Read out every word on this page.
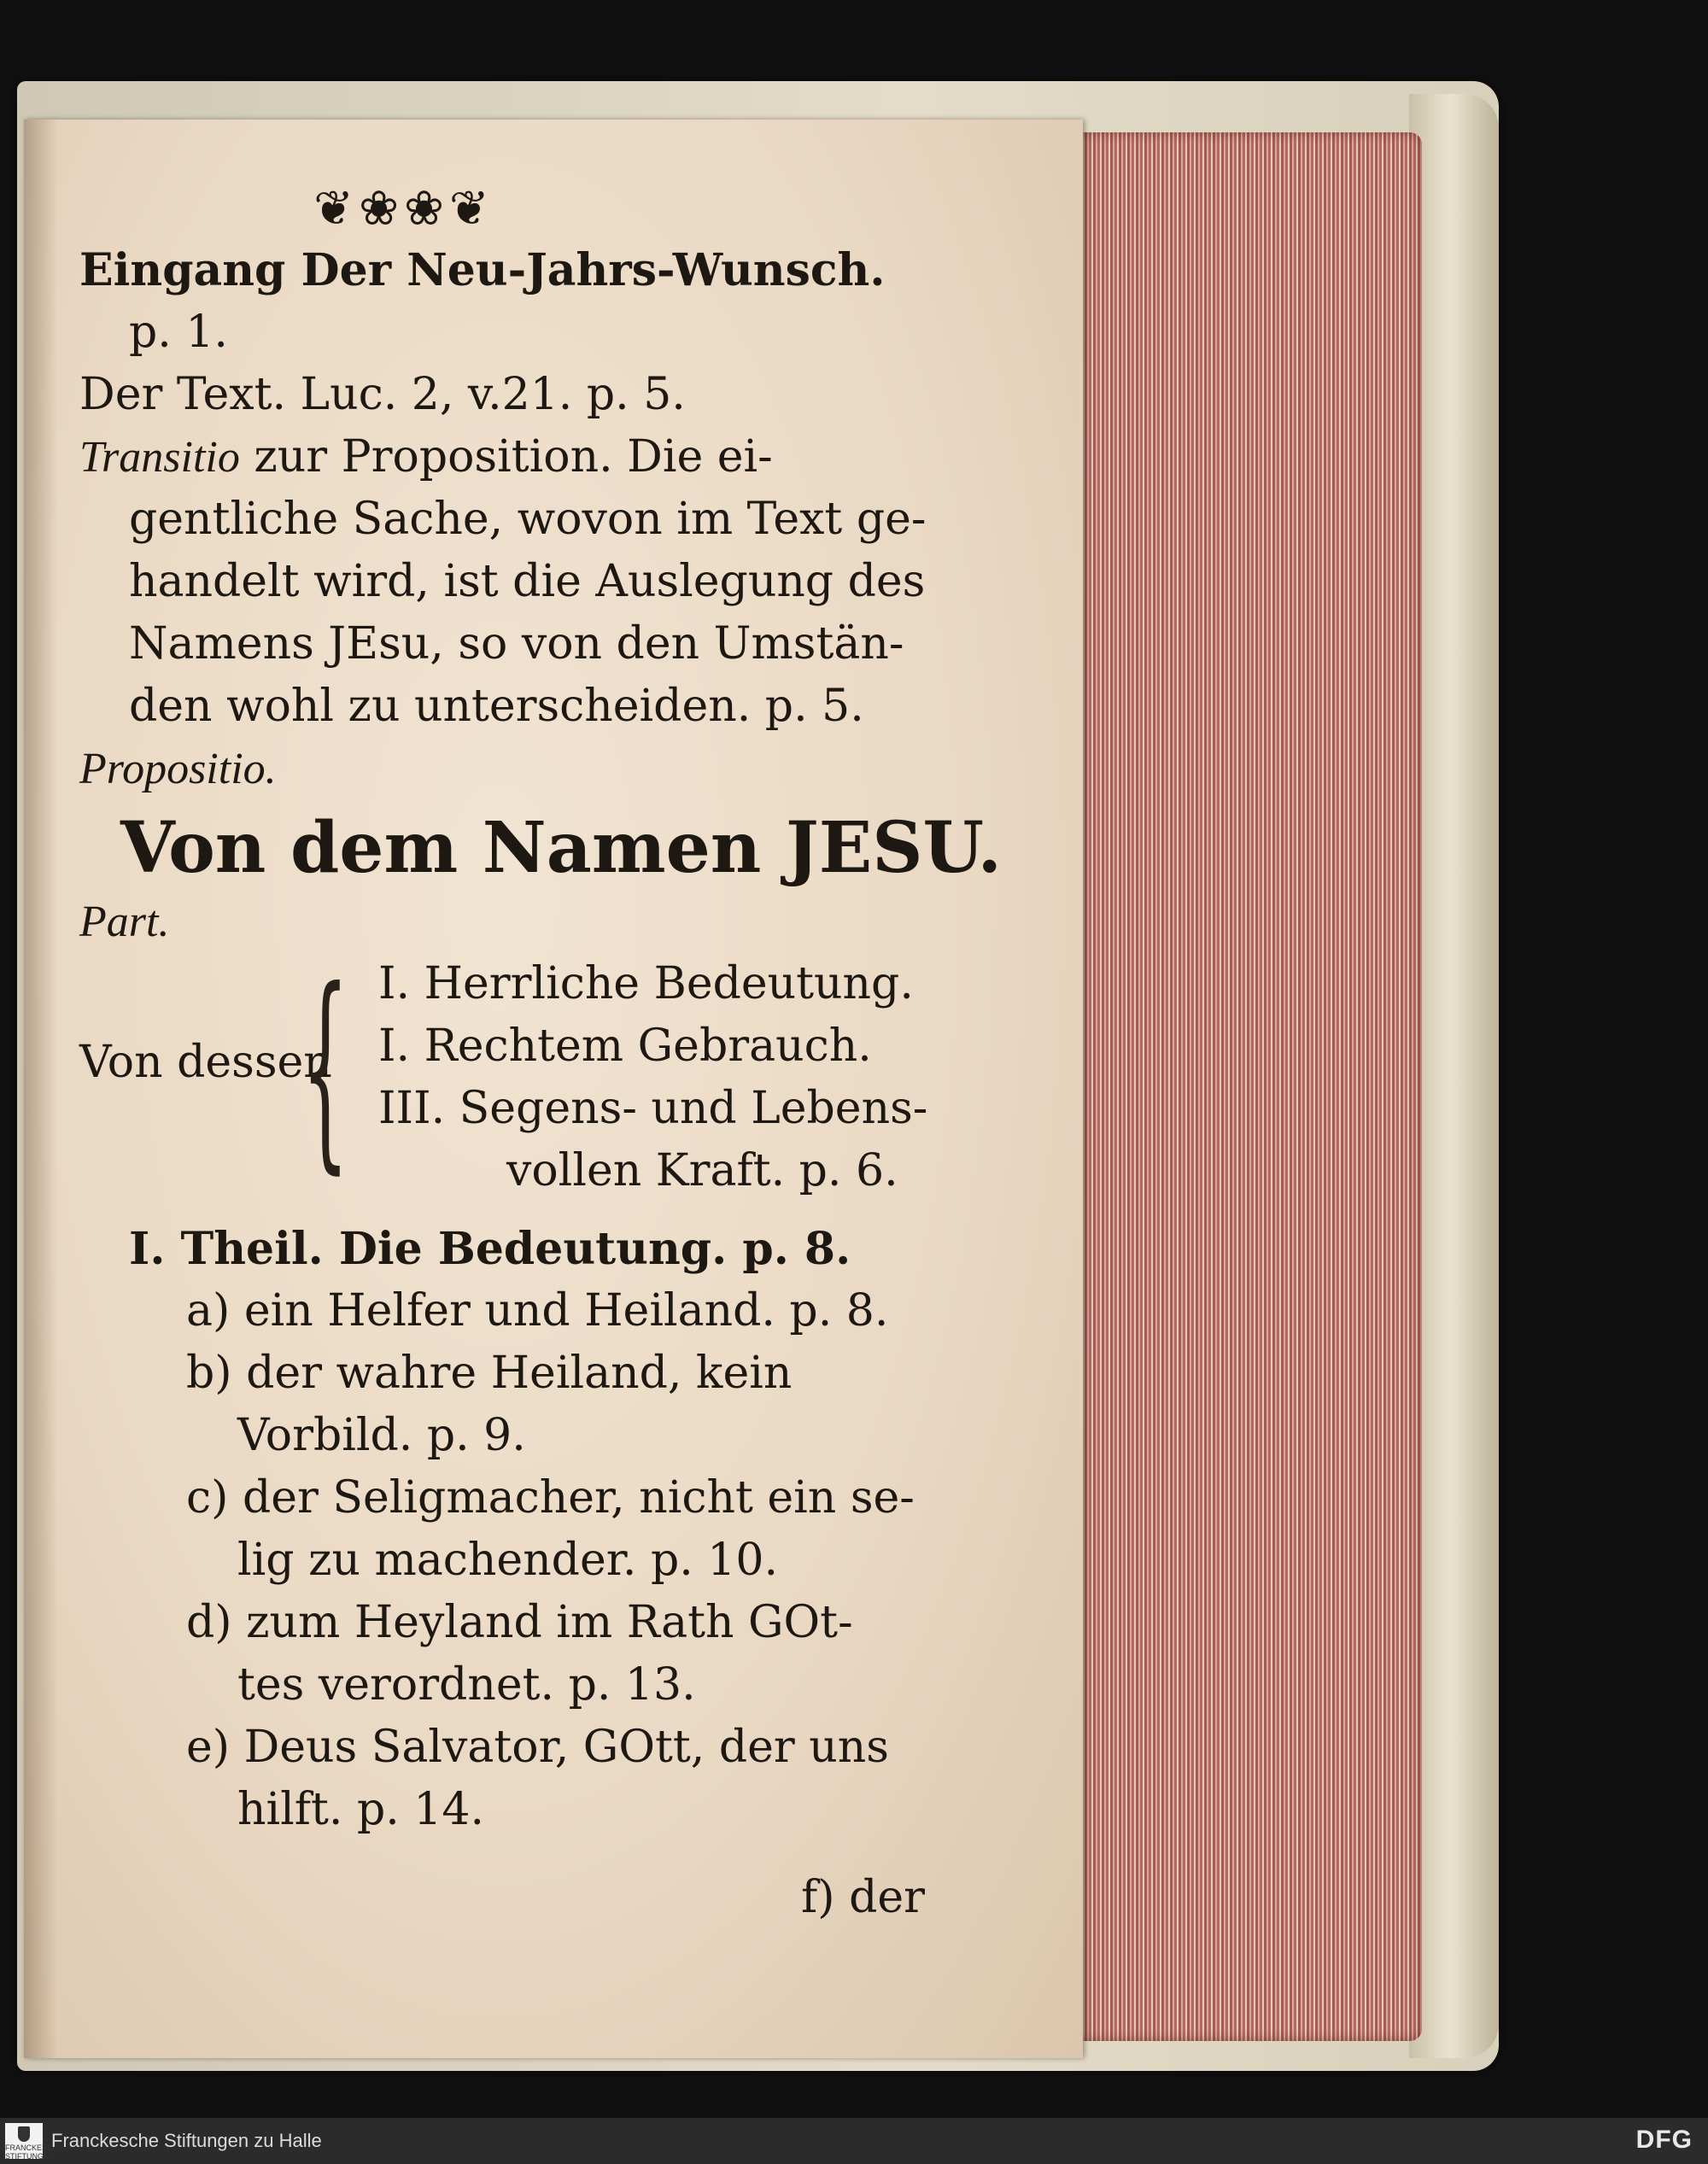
❦❀❀❦
Eingang Der Neu-Jahrs-Wunsch.
p. 1.
Der Text. Luc. 2, v.21. p. 5.
Transitio zur Proposition. Die ei-
gentliche Sache, wovon im Text ge-
handelt wird, ist die Auslegung des
Namens JEsu, so von den Umstän-
den wohl zu unterscheiden. p. 5.
Propositio.
Von dem Namen JESU.
Part.
Von dessen
{ I. Herrliche Bedeutung.
I. Rechtem Gebrauch.
III. Segens- und Lebens-
vollen Kraft. p. 6.
I. Theil. Die Bedeutung. p. 8.
a) ein Helfer und Heiland. p. 8.
b) der wahre Heiland, kein
Vorbild. p. 9.
c) der Seligmacher, nicht ein se-
lig zu machender. p. 10.
d) zum Heyland im Rath GOt-
tes verordnet. p. 13.
e) Deus Salvator, GOtt, der uns
hilft. p. 14.
f) der
FRANCKESCHE STIFTUNGEN
Franckesche Stiftungen zu Halle	DFG
